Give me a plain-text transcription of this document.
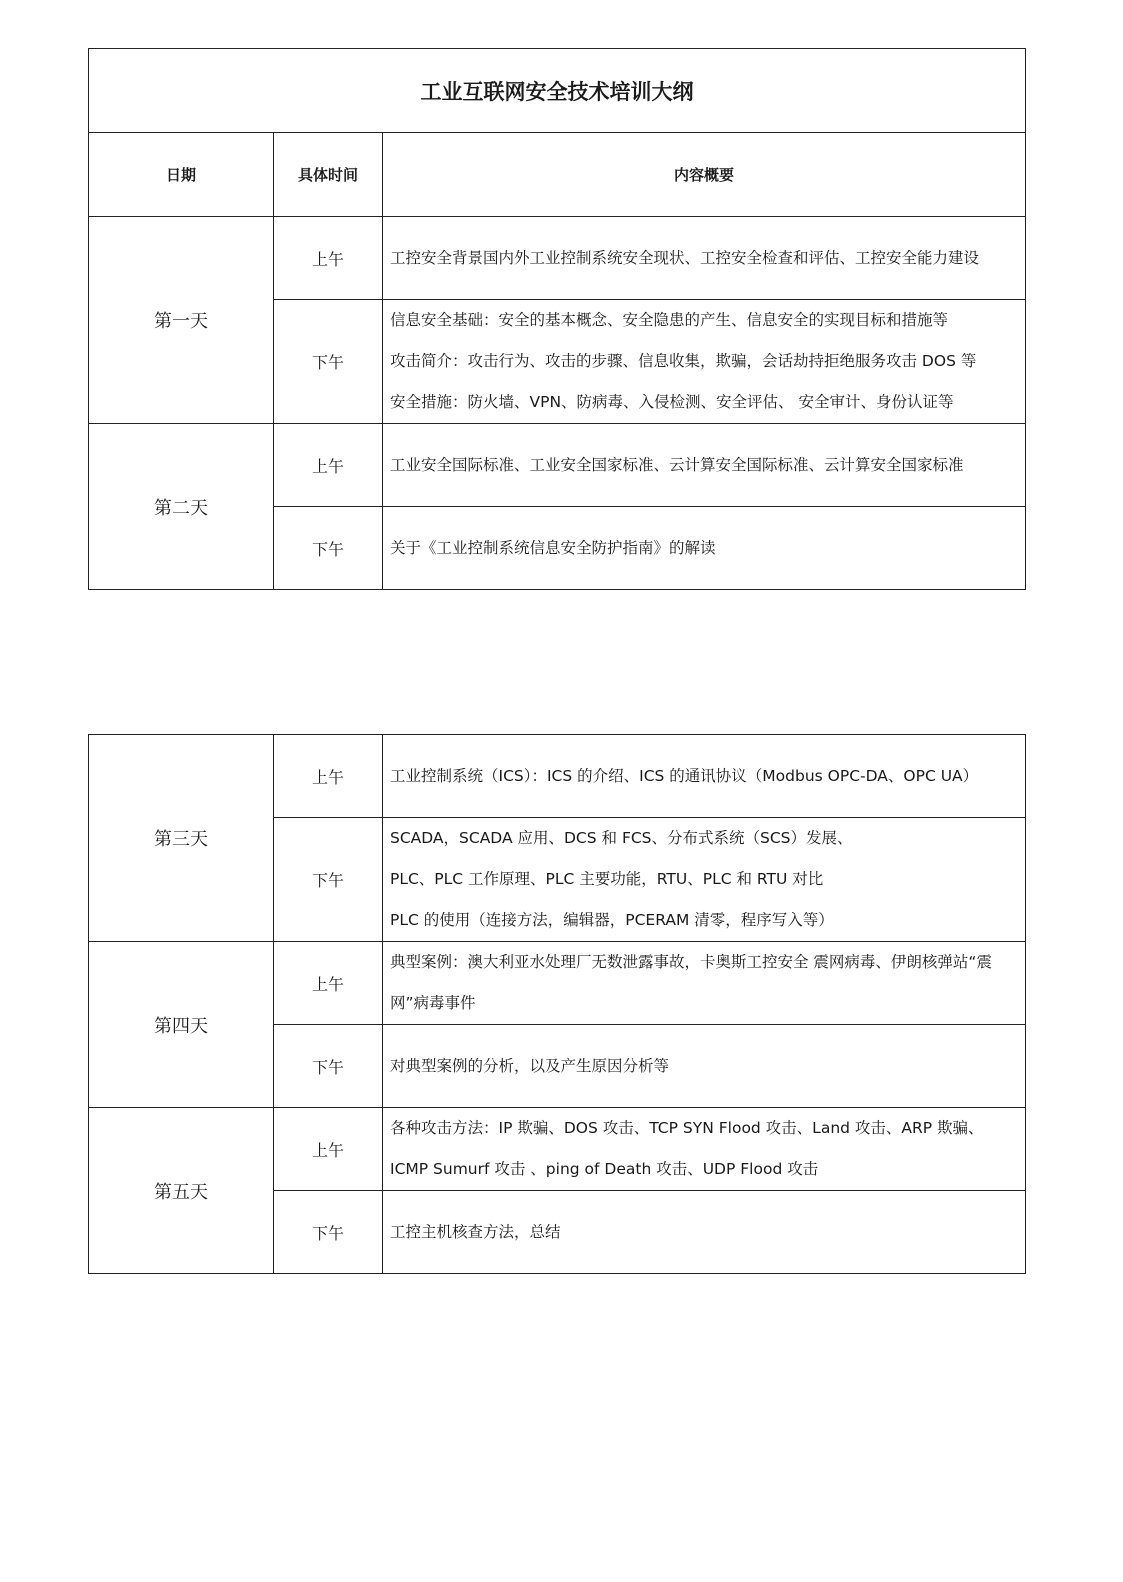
工业互联网安全技术培训大纲		
日期	具体时间	内容概要
第一天	上午	工控安全背景国内外工业控制系统安全现状、工控安全检查和评估、工控安全能力建设

	下午	信息安全基础：安全的基本概念、安全隐患的产生、信息安全的实现目标和措施等
攻击简介：攻击行为、攻击的步骤、信息收集，欺骗，会话劫持拒绝服务攻击 DOS 等
安全措施：防火墙、VPN、防病毒、入侵检测、安全评估、 安全审计、身份认证等

第二天	上午	工业安全国际标准、工业安全国家标准、云计算安全国际标准、云计算安全国家标准

	下午	关于《工业控制系统信息安全防护指南》的解读
第三天	上午	工业控制系统（ICS）：ICS 的介绍、ICS 的通讯协议（Modbus OPC-DA、OPC UA）

	下午	SCADA，SCADA 应用、DCS 和 FCS、分布式系统（SCS）发展、
PLC、PLC 工作原理、PLC 主要功能，RTU、PLC 和 RTU 对比
PLC 的使用（连接方法，编辑器，PCERAM 清零，程序写入等）

第四天	上午	典型案例：澳大利亚水处理厂无数泄露事故，卡奥斯工控安全 震网病毒、伊朗核弹站“震网”病毒事件

	下午	对典型案例的分析，以及产生原因分析等

第五天	上午	各种攻击方法：IP 欺骗、DOS 攻击、TCP SYN Flood 攻击、Land 攻击、ARP 欺骗、ICMP Sumurf 攻击 、ping of Death 攻击、UDP Flood 攻击

	下午	工控主机核查方法，总结
